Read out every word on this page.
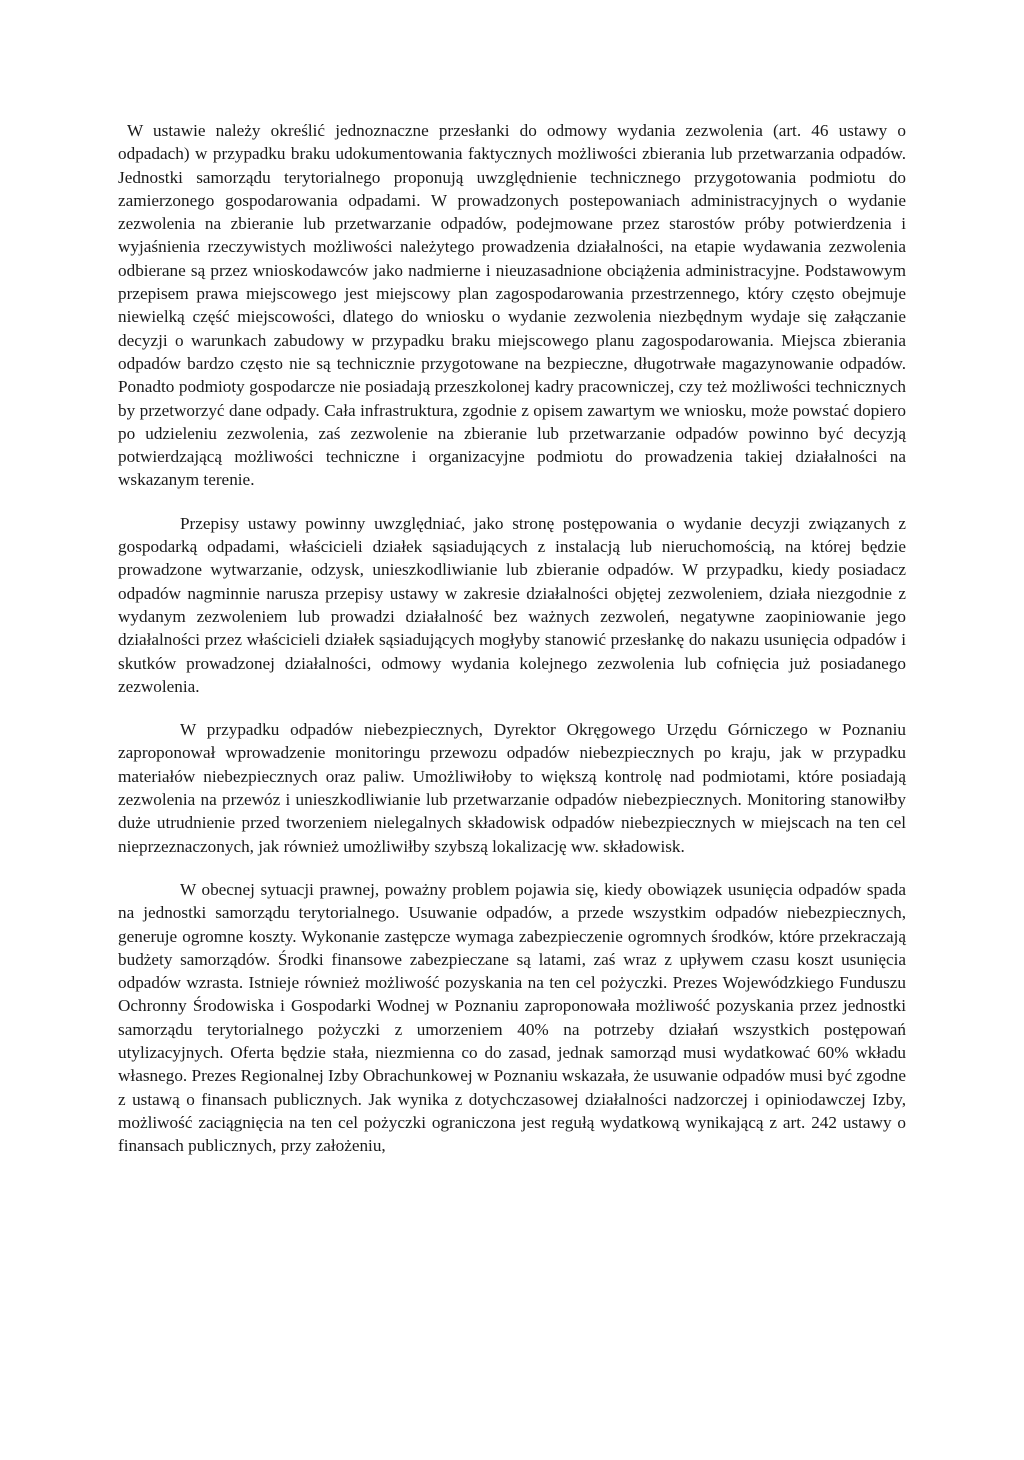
W ustawie należy określić jednoznaczne przesłanki do odmowy wydania zezwolenia (art. 46 ustawy o odpadach) w przypadku braku udokumentowania faktycznych możliwości zbierania lub przetwarzania odpadów. Jednostki samorządu terytorialnego proponują uwzględnienie technicznego przygotowania podmiotu do zamierzonego gospodarowania odpadami. W prowadzonych postepowaniach administracyjnych o wydanie zezwolenia na zbieranie lub przetwarzanie odpadów, podejmowane przez starostów próby potwierdzenia i wyjaśnienia rzeczywistych możliwości należytego prowadzenia działalności, na etapie wydawania zezwolenia odbierane są przez wnioskodawców jako nadmierne i nieuzasadnione obciążenia administracyjne. Podstawowym przepisem prawa miejscowego jest miejscowy plan zagospodarowania przestrzennego, który często obejmuje niewielką część miejscowości, dlatego do wniosku o wydanie zezwolenia niezbędnym wydaje się załączanie decyzji o warunkach zabudowy w przypadku braku miejscowego planu zagospodarowania. Miejsca zbierania odpadów bardzo często nie są technicznie przygotowane na bezpieczne, długotrwałe magazynowanie odpadów. Ponadto podmioty gospodarcze nie posiadają przeszkolonej kadry pracowniczej, czy też możliwości technicznych by przetworzyć dane odpady. Cała infrastruktura, zgodnie z opisem zawartym we wniosku, może powstać dopiero po udzieleniu zezwolenia, zaś zezwolenie na zbieranie lub przetwarzanie odpadów powinno być decyzją potwierdzającą możliwości techniczne i organizacyjne podmiotu do prowadzenia takiej działalności na wskazanym terenie.

Przepisy ustawy powinny uwzględniać, jako stronę postępowania o wydanie decyzji związanych z gospodarką odpadami, właścicieli działek sąsiadujących z instalacją lub nieruchomością, na której będzie prowadzone wytwarzanie, odzysk, unieszkodliwianie lub zbieranie odpadów. W przypadku, kiedy posiadacz odpadów nagminnie narusza przepisy ustawy w zakresie działalności objętej zezwoleniem, działa niezgodnie z wydanym zezwoleniem lub prowadzi działalność bez ważnych zezwoleń, negatywne zaopiniowanie jego działalności przez właścicieli działek sąsiadujących mogłyby stanowić przesłankę do nakazu usunięcia odpadów i skutków prowadzonej działalności, odmowy wydania kolejnego zezwolenia lub cofnięcia już posiadanego zezwolenia.

W przypadku odpadów niebezpiecznych, Dyrektor Okręgowego Urzędu Górniczego w Poznaniu zaproponował wprowadzenie monitoringu przewozu odpadów niebezpiecznych po kraju, jak w przypadku materiałów niebezpiecznych oraz paliw. Umożliwiłoby to większą kontrolę nad podmiotami, które posiadają zezwolenia na przewóz i unieszkodliwianie lub przetwarzanie odpadów niebezpiecznych. Monitoring stanowiłby duże utrudnienie przed tworzeniem nielegalnych składowisk odpadów niebezpiecznych w miejscach na ten cel nieprzeznaczonych, jak również umożliwiłby szybszą lokalizację ww. składowisk.

W obecnej sytuacji prawnej, poważny problem pojawia się, kiedy obowiązek usunięcia odpadów spada na jednostki samorządu terytorialnego. Usuwanie odpadów, a przede wszystkim odpadów niebezpiecznych, generuje ogromne koszty. Wykonanie zastępcze wymaga zabezpieczenie ogromnych środków, które przekraczają budżety samorządów. Środki finansowe zabezpieczane są latami, zaś wraz z upływem czasu koszt usunięcia odpadów wzrasta. Istnieje również możliwość pozyskania na ten cel pożyczki. Prezes Wojewódzkiego Funduszu Ochronny Środowiska i Gospodarki Wodnej w Poznaniu zaproponowała możliwość pozyskania przez jednostki samorządu terytorialnego pożyczki z umorzeniem 40% na potrzeby działań wszystkich postępowań utylizacyjnych. Oferta będzie stała, niezmienna co do zasad, jednak samorząd musi wydatkować 60% wkładu własnego. Prezes Regionalnej Izby Obrachunkowej w Poznaniu wskazała, że usuwanie odpadów musi być zgodne z ustawą o finansach publicznych. Jak wynika z dotychczasowej działalności nadzorczej i opiniodawczej Izby, możliwość zaciągnięcia na ten cel pożyczki ograniczona jest regułą wydatkową wynikającą z art. 242 ustawy o finansach publicznych, przy założeniu,
